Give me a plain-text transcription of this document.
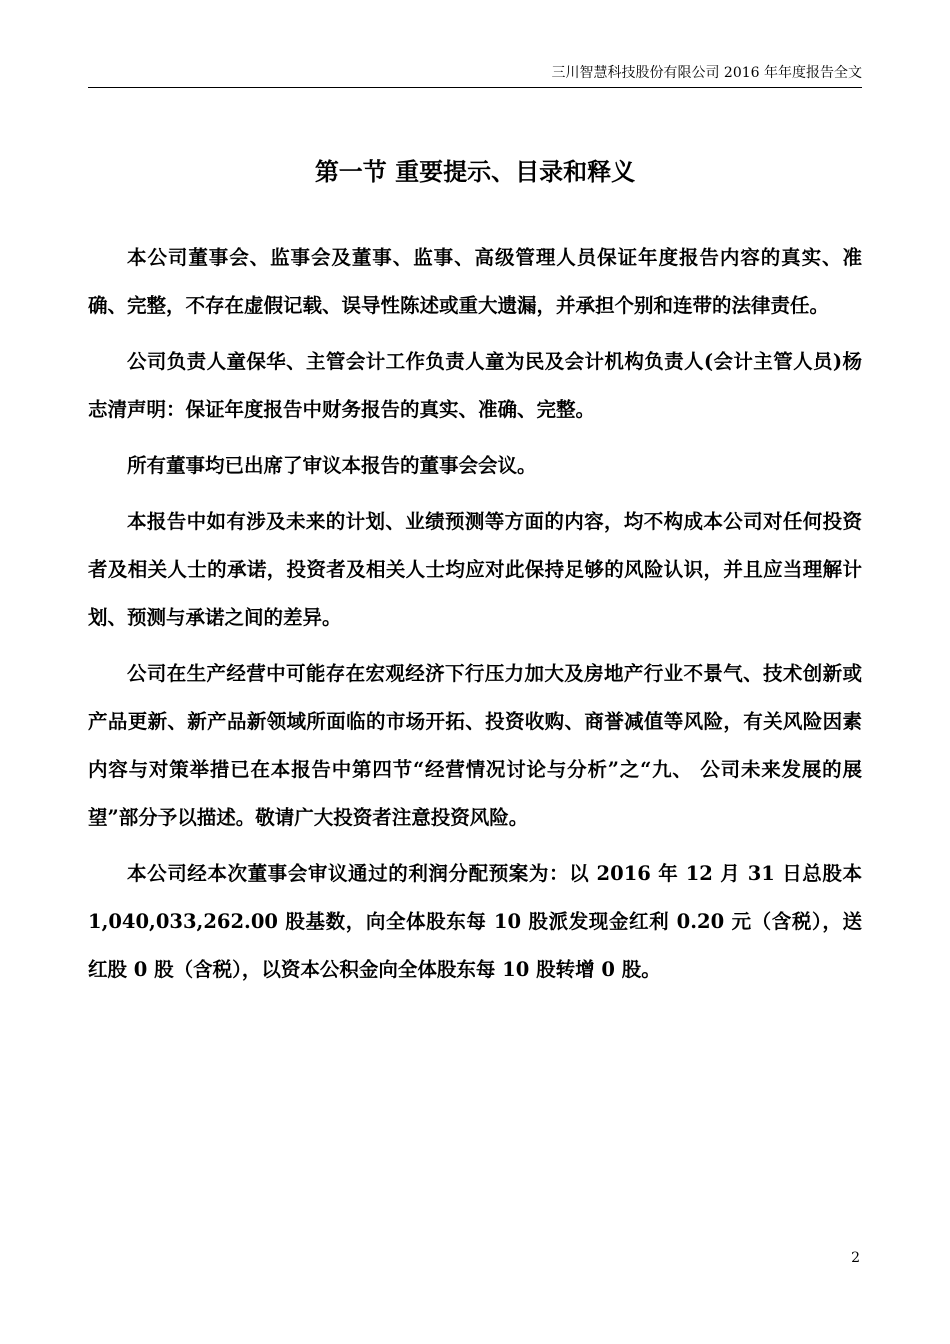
三川智慧科技股份有限公司 2016 年年度报告全文
第一节 重要提示、目录和释义

本公司董事会、监事会及董事、监事、高级管理人员保证年度报告内容的真实、准确、完整，不存在虚假记载、误导性陈述或重大遗漏，并承担个别和连带的法律责任。

公司负责人童保华、主管会计工作负责人童为民及会计机构负责人(会计主管人员)杨志清声明：保证年度报告中财务报告的真实、准确、完整。

所有董事均已出席了审议本报告的董事会会议。

本报告中如有涉及未来的计划、业绩预测等方面的内容，均不构成本公司对任何投资者及相关人士的承诺，投资者及相关人士均应对此保持足够的风险认识，并且应当理解计划、预测与承诺之间的差异。

公司在生产经营中可能存在宏观经济下行压力加大及房地产行业不景气、技术创新或产品更新、新产品新领域所面临的市场开拓、投资收购、商誉减值等风险，有关风险因素内容与对策举措已在本报告中第四节“经营情况讨论与分析”之“九、 公司未来发展的展望”部分予以描述。敬请广大投资者注意投资风险。

本公司经本次董事会审议通过的利润分配预案为：以 2016 年 12 月 31 日总股本 1,040,033,262.00 股基数，向全体股东每 10 股派发现金红利 0.20 元（含税），送红股 0 股（含税），以资本公积金向全体股东每 10 股转增 0 股。

2
